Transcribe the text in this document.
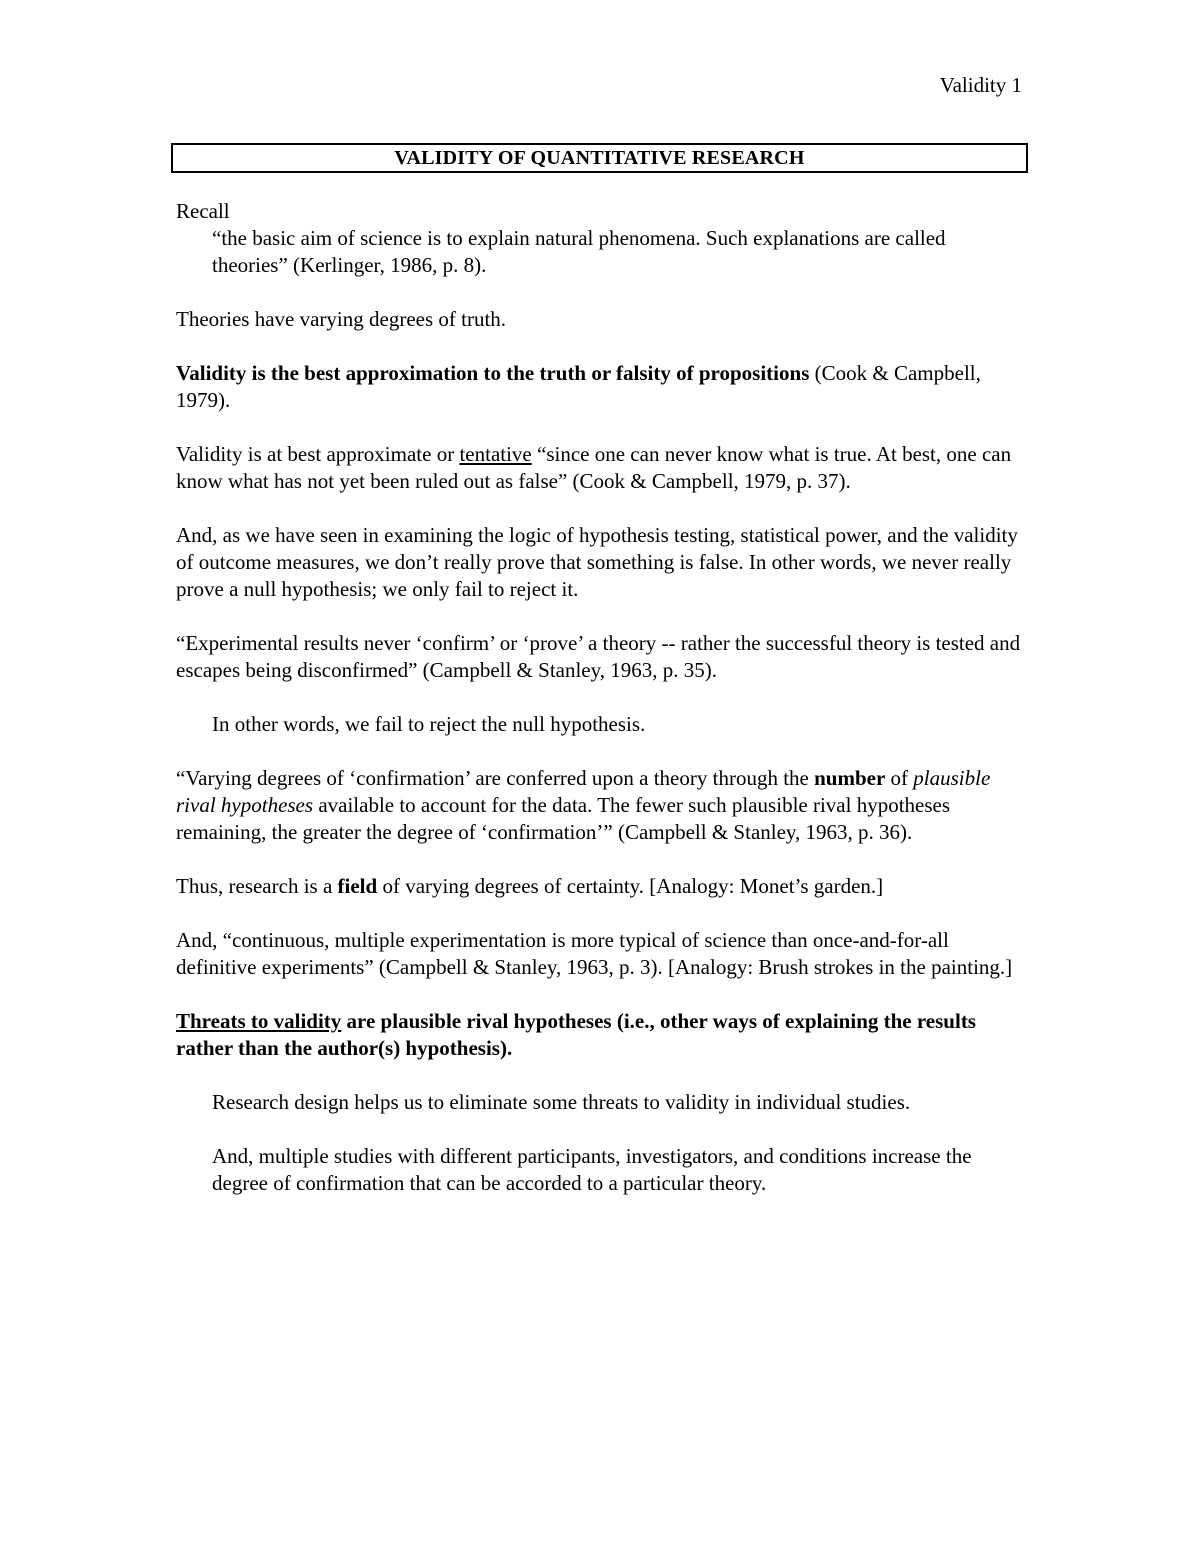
Validity 1
VALIDITY OF QUANTITATIVE RESEARCH

Recall

“the basic aim of science is to explain natural phenomena. Such explanations are called theories” (Kerlinger, 1986, p. 8).

Theories have varying degrees of truth.

Validity is the best approximation to the truth or falsity of propositions (Cook & Campbell, 1979).

Validity is at best approximate or tentative “since one can never know what is true. At best, one can know what has not yet been ruled out as false” (Cook & Campbell, 1979, p. 37).

And, as we have seen in examining the logic of hypothesis testing, statistical power, and the validity of outcome measures, we don’t really prove that something is false. In other words, we never really prove a null hypothesis; we only fail to reject it.

“Experimental results never ‘confirm’ or ‘prove’ a theory -- rather the successful theory is tested and escapes being disconfirmed” (Campbell & Stanley, 1963, p. 35).

In other words, we fail to reject the null hypothesis.

“Varying degrees of ‘confirmation’ are conferred upon a theory through the number of plausible rival hypotheses available to account for the data. The fewer such plausible rival hypotheses remaining, the greater the degree of ‘confirmation’” (Campbell & Stanley, 1963, p. 36).

Thus, research is a field of varying degrees of certainty. [Analogy: Monet’s garden.]

And, “continuous, multiple experimentation is more typical of science than once-and-for-all definitive experiments” (Campbell & Stanley, 1963, p. 3). [Analogy: Brush strokes in the painting.]

Threats to validity are plausible rival hypotheses (i.e., other ways of explaining the results rather than the author(s) hypothesis).

Research design helps us to eliminate some threats to validity in individual studies.

And, multiple studies with different participants, investigators, and conditions increase the degree of confirmation that can be accorded to a particular theory.
